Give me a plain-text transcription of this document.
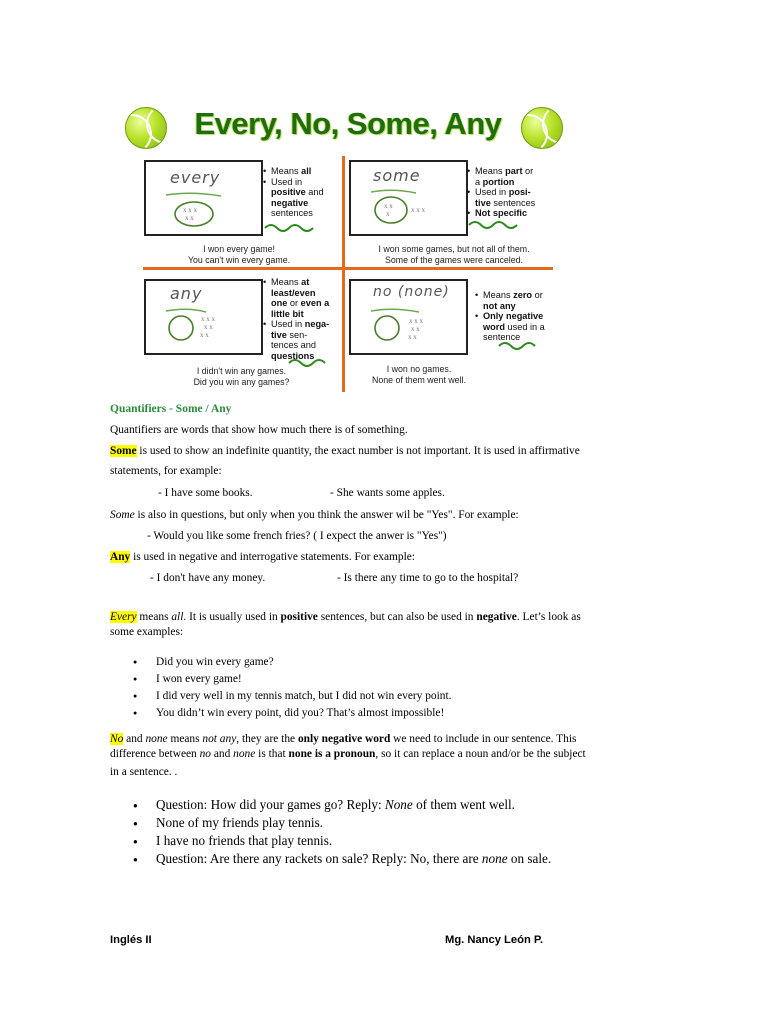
Every, No, Some, Any
x x x
x x
every	• Means all
• Used in
positive and
negative
sentences
I won every game!
You can't win every game.
x x
x	x x x
some	• Means part or
a portion
• Used in posi-
tive sentences
• Not specific
I won some games, but not all of them.
Some of the games were canceled.
x x x
x x
x x
any
• Means at
least/even
one or even a
little bit
• Used in nega-
tive sen-
tences and
questions
I didn't win any games.
Did you win any games?
x x x
x x
x x
no (none)	• Means zero or
not any
• Only negative
word used in a
sentence
I won no games.
None of them went well.
Quantifiers - Some / Any
Quantifiers are words that show how much there is of something.
Some is used to show an indefinite quantity, the exact number is not important. It is used in affirmative
statements, for example:
- I have some books.	- She wants some apples.
Some is also in questions, but only when you think the answer wil be "Yes". For example:
- Would you like some french fries? ( I expect the anwer is "Yes")
Any is used in negative and interrogative statements. For example:
- I don't have any money.	- Is there any time to go to the hospital?
Every means all. It is usually used in positive sentences, but can also be used in negative. Let’s look as
some examples:
● Did you win every game?
● I won every game!
● I did very well in my tennis match, but I did not win every point.
● You didn’t win every point, did you? That’s almost impossible!
No and none means not any, they are the only negative word we need to include in our sentence. This
difference between no and none is that none is a pronoun, so it can replace a noun and/or be the subject
in a sentence. .
● Question: How did your games go? Reply: None of them went well.
● None of my friends play tennis.
● I have no friends that play tennis.
● Question: Are there any rackets on sale? Reply: No, there are none on sale.
Inglés II	Mg. Nancy León P.
